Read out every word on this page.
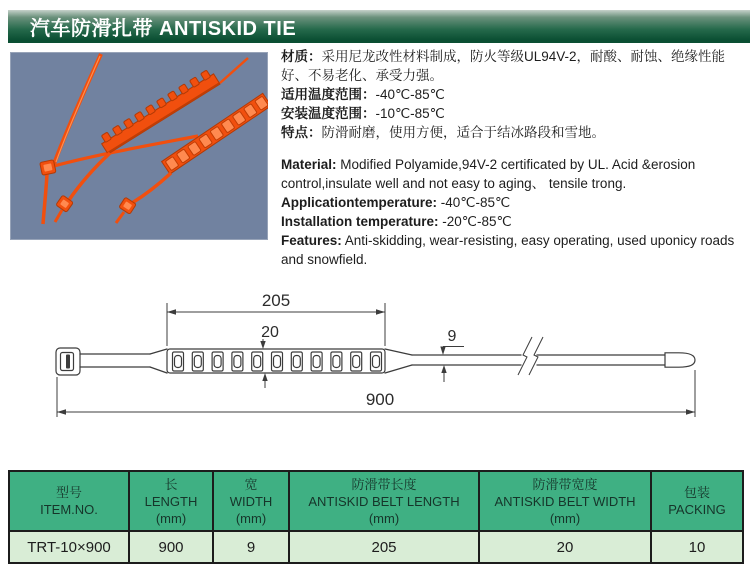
汽车防滑扎带 ANTISKID TIE

材质：采用尼龙改性材料制成，防火等级UL94V-2，耐酸、耐蚀、绝缘性能好、不易老化、承受力强。

适用温度范围：-40℃-85℃

安装温度范围：-10℃-85℃

特点：防滑耐磨，使用方便，适合于结冰路段和雪地。

Material: Modified Polyamide,94V-2 certificated by UL. Acid &erosion control,insulate well and not easy to aging、 tensile trong.

Applicationtemperature: -40℃-85℃

Installation temperature: -20℃-85℃

Features: Anti-skidding, wear-resisting, easy operating, used uponicy roads and snowfield.

205
20	9
900
型号
ITEM.NO.

长
LENGTH
(mm)

宽
WIDTH
(mm)

防滑带长度
ANTISKID BELT LENGTH
(mm)

防滑带宽度
ANTISKID BELT WIDTH
(mm)

包装
PACKING

TRT-10×900	900	9	205	20	10
